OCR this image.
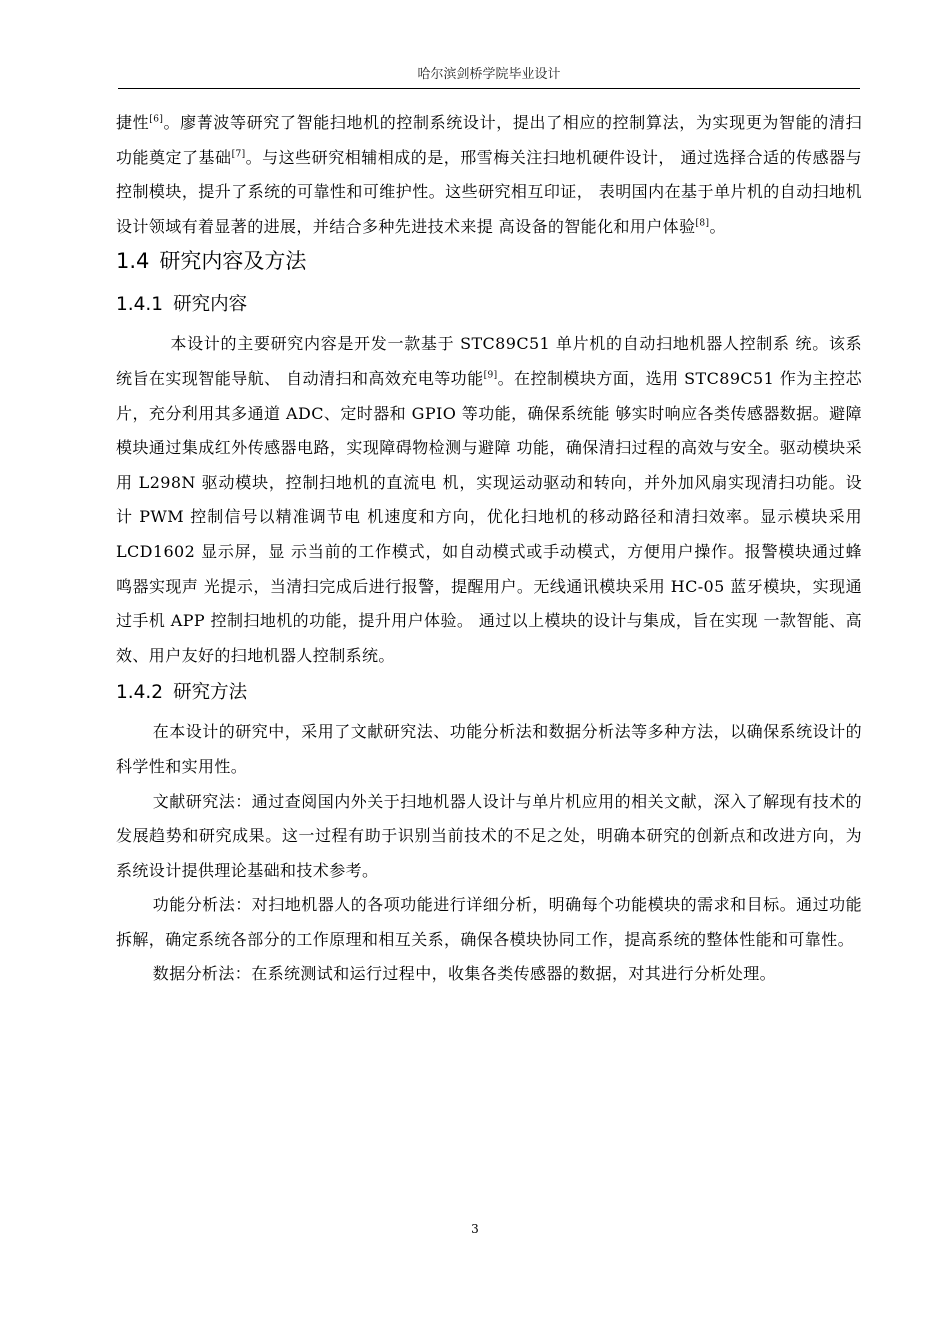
哈尔滨剑桥学院毕业设计

捷性[6]。廖菁波等研究了智能扫地机的控制系统设计，提出了相应的控制算法，为实现更为智能的清扫功能奠定了基础[7]。与这些研究相辅相成的是，邢雪梅关注扫地机硬件设计， 通过选择合适的传感器与控制模块，提升了系统的可靠性和可维护性。这些研究相互印证， 表明国内在基于单片机的自动扫地机设计领域有着显著的进展，并结合多种先进技术来提 高设备的智能化和用户体验[8]。

1.4 研究内容及方法
1.4.1 研究内容

本设计的主要研究内容是开发一款基于 STC89C51 单片机的自动扫地机器人控制系 统。该系统旨在实现智能导航、 自动清扫和高效充电等功能[9]。在控制模块方面，选用 STC89C51 作为主控芯片，充分利用其多通道 ADC、定时器和 GPIO 等功能，确保系统能 够实时响应各类传感器数据。避障模块通过集成红外传感器电路，实现障碍物检测与避障 功能，确保清扫过程的高效与安全。驱动模块采用 L298N 驱动模块，控制扫地机的直流电 机，实现运动驱动和转向，并外加风扇实现清扫功能。设计 PWM 控制信号以精准调节电 机速度和方向，优化扫地机的移动路径和清扫效率。显示模块采用 LCD1602 显示屏，显 示当前的工作模式，如自动模式或手动模式，方便用户操作。报警模块通过蜂鸣器实现声 光提示，当清扫完成后进行报警，提醒用户。无线通讯模块采用 HC-05 蓝牙模块，实现通 过手机 APP 控制扫地机的功能，提升用户体验。 通过以上模块的设计与集成，旨在实现 一款智能、高效、用户友好的扫地机器人控制系统。

1.4.2 研究方法

在本设计的研究中，采用了文献研究法、功能分析法和数据分析法等多种方法，以确保系统设计的科学性和实用性。

文献研究法：通过查阅国内外关于扫地机器人设计与单片机应用的相关文献，深入了解现有技术的发展趋势和研究成果。这一过程有助于识别当前技术的不足之处，明确本研究的创新点和改进方向，为系统设计提供理论基础和技术参考。

功能分析法：对扫地机器人的各项功能进行详细分析，明确每个功能模块的需求和目标。通过功能拆解，确定系统各部分的工作原理和相互关系，确保各模块协同工作，提高系统的整体性能和可靠性。

数据分析法：在系统测试和运行过程中，收集各类传感器的数据，对其进行分析处理。

3
